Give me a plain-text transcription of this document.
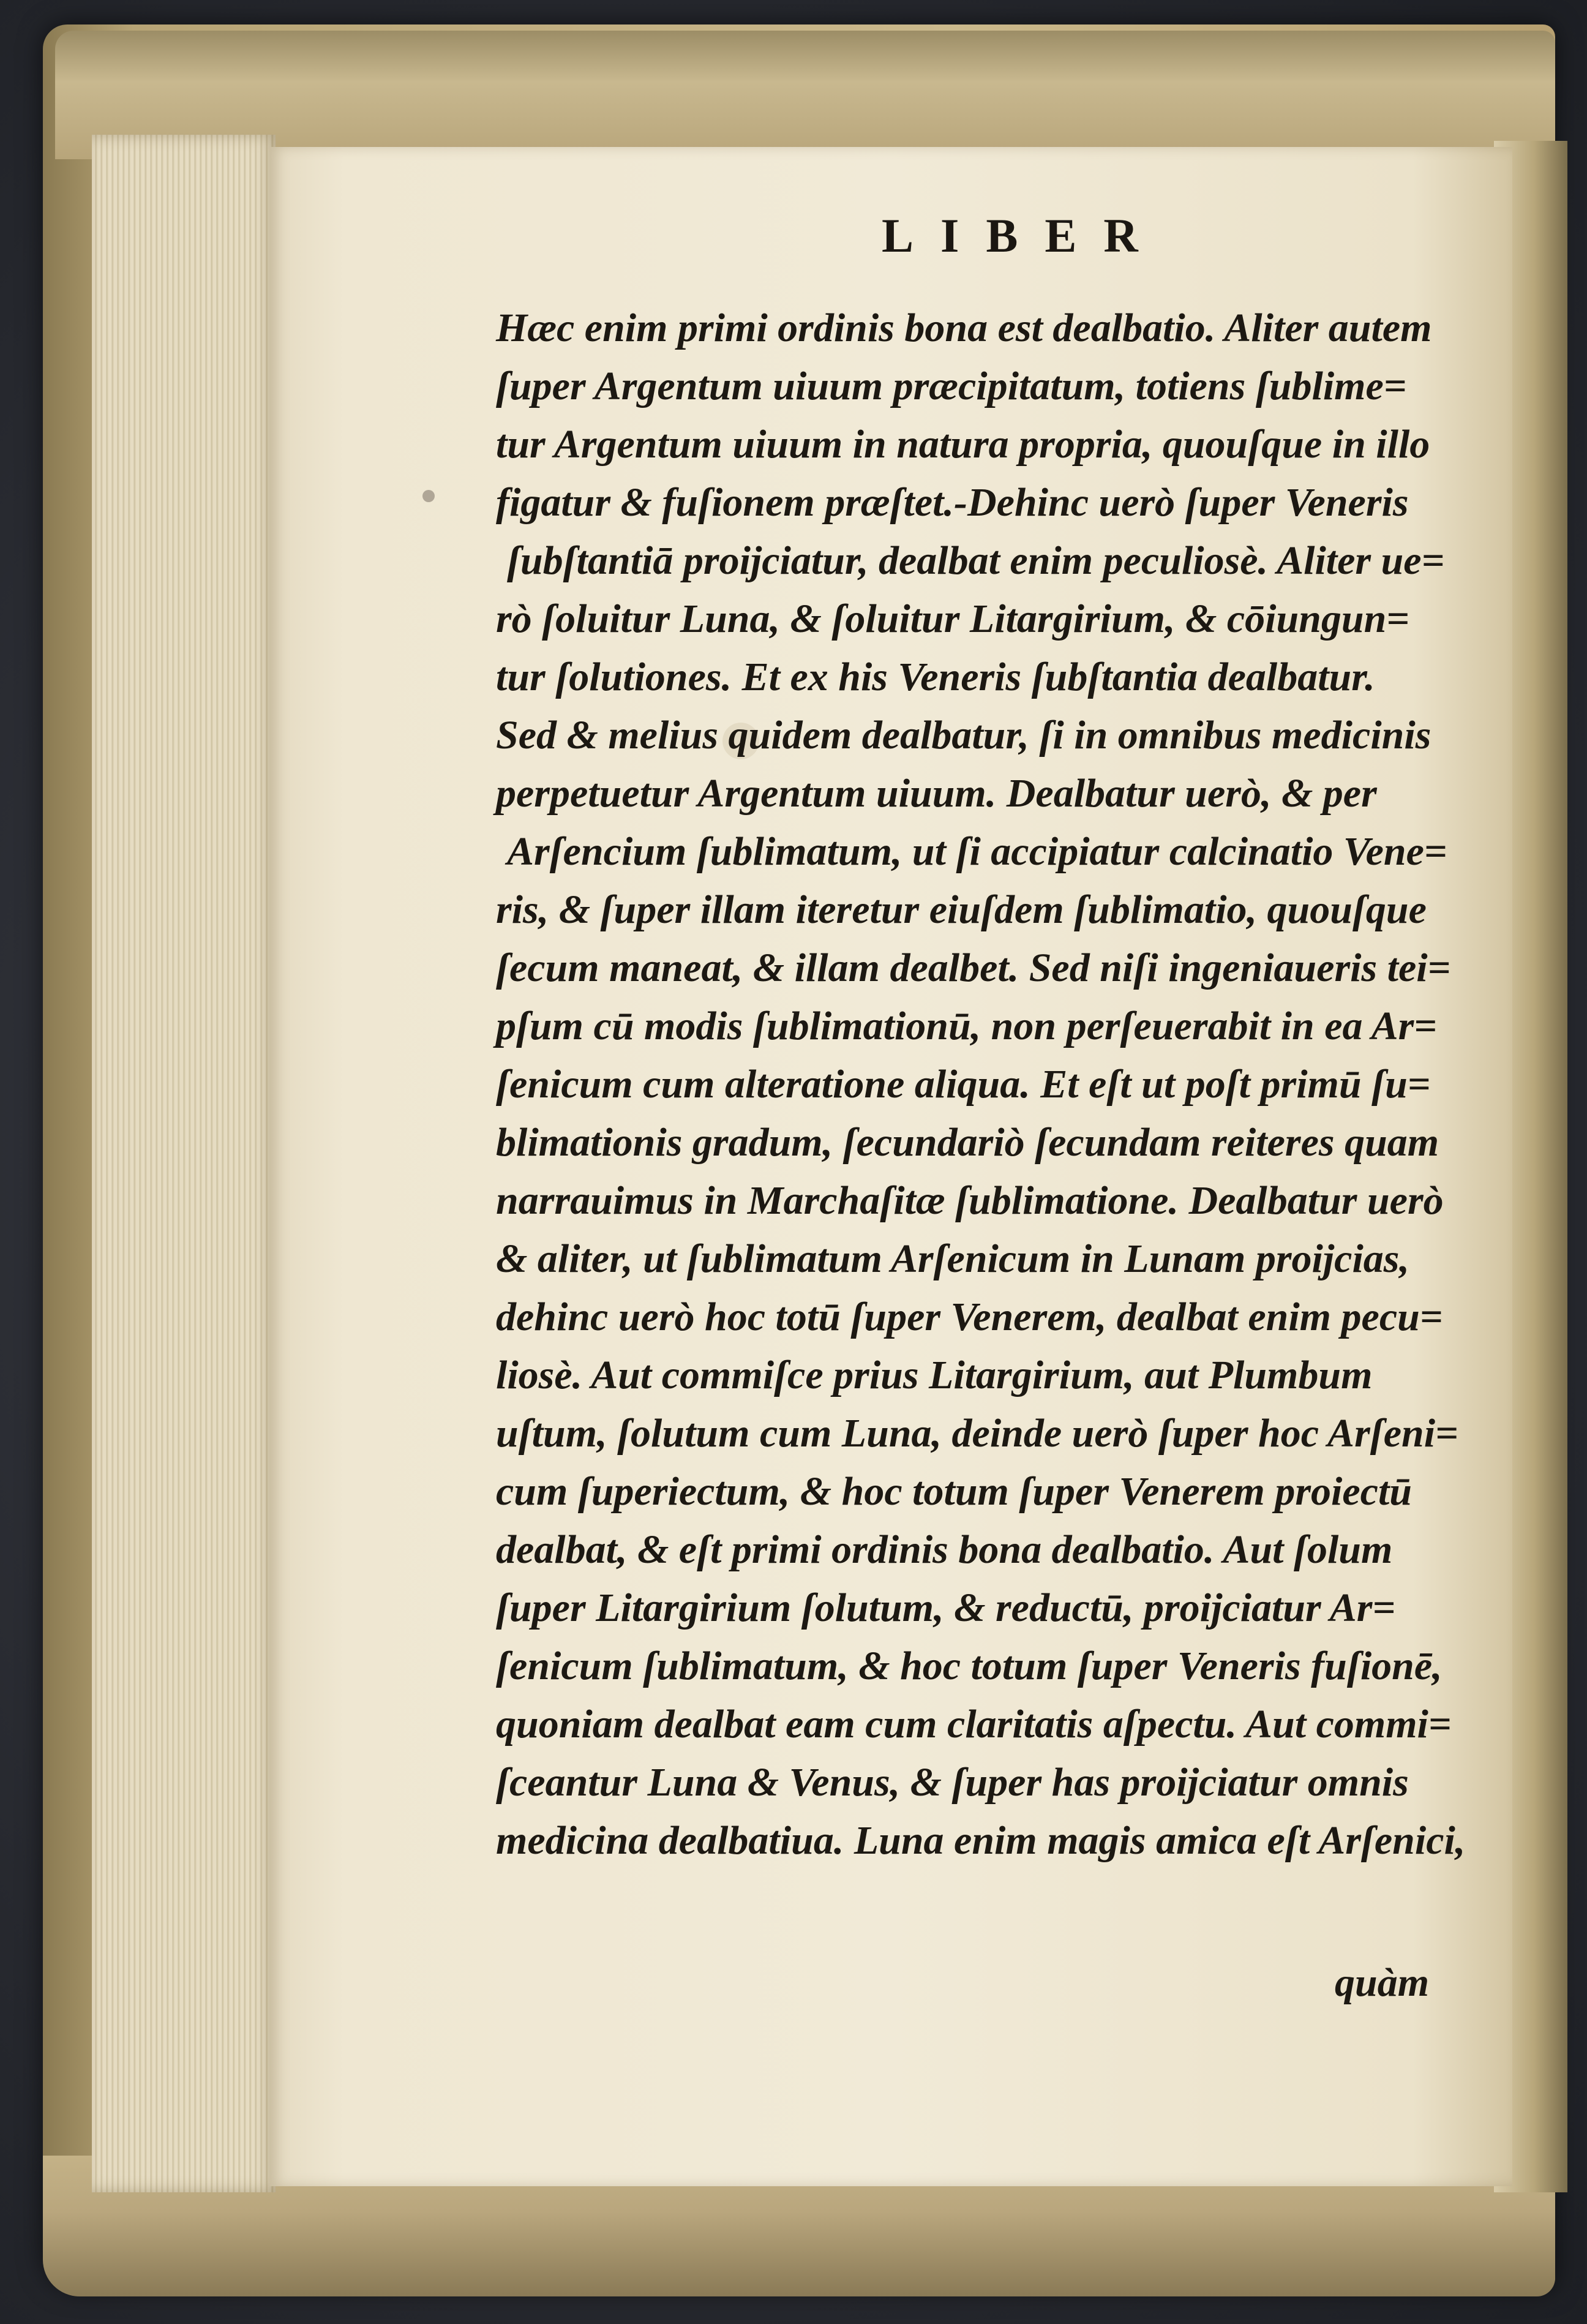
LIBER
Hæc enim primi ordinis bona est dealbatio. Aliter autem
ſuper Argentum uiuum præcipitatum, totiens ſublime=
tur Argentum uiuum in natura propria, quouſque in illo
figatur & fuſionem præſtet.-Dehinc uerò ſuper Veneris
ſubſtantiā proijciatur, dealbat enim peculiosè. Aliter ue=
rò ſoluitur Luna, & ſoluitur Litargirium, & cōiungun=
tur ſolutiones. Et ex his Veneris ſubſtantia dealbatur.
Sed & melius quidem dealbatur, ſi in omnibus medicinis
perpetuetur Argentum uiuum. Dealbatur uerò, & per
Arſencium ſublimatum, ut ſi accipiatur calcinatio Vene=
ris, & ſuper illam iteretur eiuſdem ſublimatio, quouſque
ſecum maneat, & illam dealbet. Sed niſi ingeniaueris tei=
pſum cū modis ſublimationū, non perſeuerabit in ea Ar=
ſenicum cum alteratione aliqua. Et eſt ut poſt primū ſu=
blimationis gradum, ſecundariò ſecundam reiteres quam
narrauimus in Marchaſitæ ſublimatione. Dealbatur uerò
& aliter, ut ſublimatum Arſenicum in Lunam proijcias,
dehinc uerò hoc totū ſuper Venerem, dealbat enim pecu=
liosè. Aut commiſce prius Litargirium, aut Plumbum
uſtum, ſolutum cum Luna, deinde uerò ſuper hoc Arſeni=
cum ſuperiectum, & hoc totum ſuper Venerem proiectū
dealbat, & eſt primi ordinis bona dealbatio. Aut ſolum
ſuper Litargirium ſolutum, & reductū, proijciatur Ar=
ſenicum ſublimatum, & hoc totum ſuper Veneris fuſionē,
quoniam dealbat eam cum claritatis aſpectu. Aut commi=
ſceantur Luna & Venus, & ſuper has proijciatur omnis
medicina dealbatiua. Luna enim magis amica eſt Arſenici,
quàm
